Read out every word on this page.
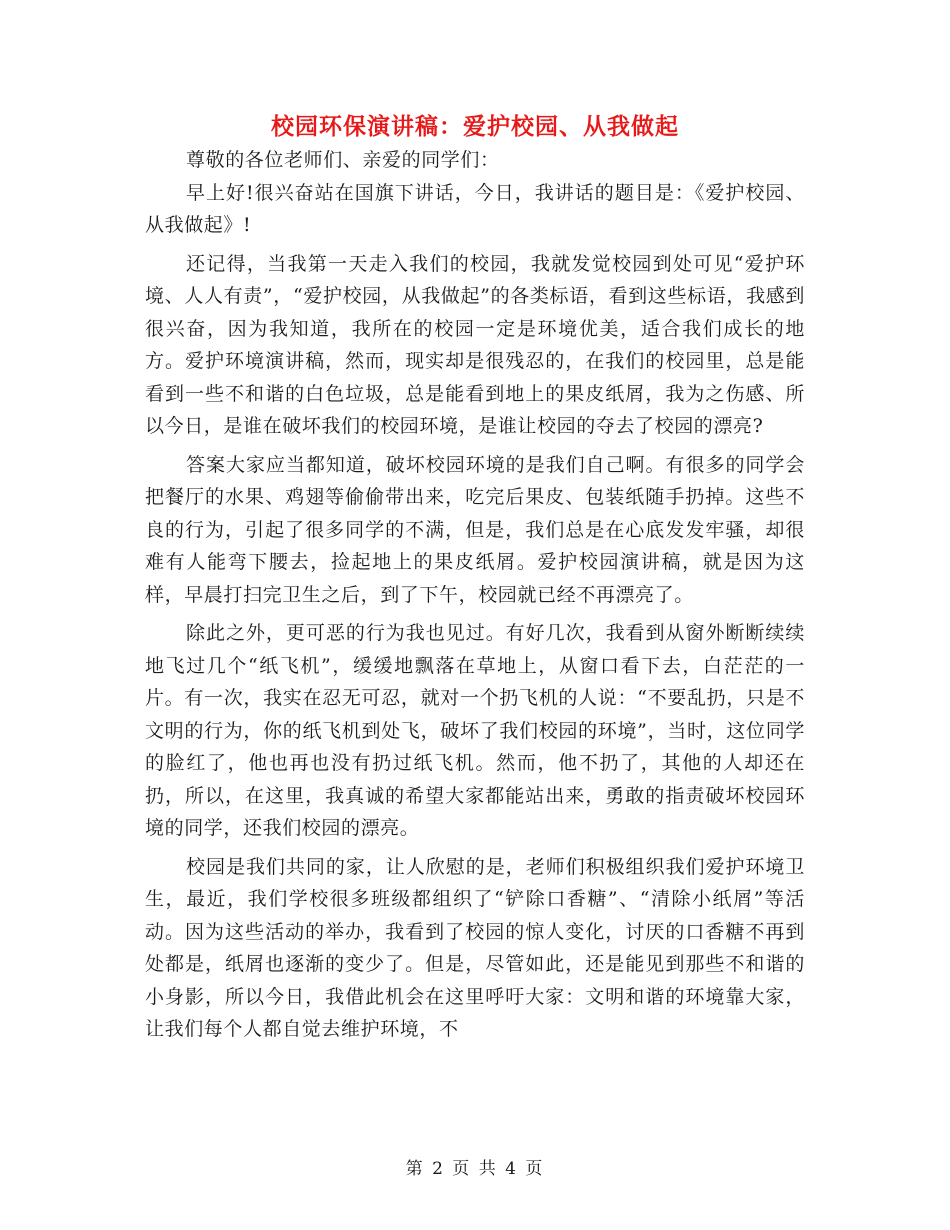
校园环保演讲稿：爱护校园、从我做起

尊敬的各位老师们、亲爱的同学们：

早上好!很兴奋站在国旗下讲话，今日，我讲话的题目是：《爱护校园、从我做起》!

还记得，当我第一天走入我们的校园，我就发觉校园到处可见“爱护环境、人人有责”，“爱护校园，从我做起”的各类标语，看到这些标语，我感到很兴奋，因为我知道，我所在的校园一定是环境优美，适合我们成长的地方。爱护环境演讲稿，然而，现实却是很残忍的，在我们的校园里，总是能看到一些不和谐的白色垃圾，总是能看到地上的果皮纸屑，我为之伤感、所以今日，是谁在破坏我们的校园环境，是谁让校园的夺去了校园的漂亮?

答案大家应当都知道，破坏校园环境的是我们自己啊。有很多的同学会把餐厅的水果、鸡翅等偷偷带出来，吃完后果皮、包装纸随手扔掉。这些不良的行为，引起了很多同学的不满，但是，我们总是在心底发发牢骚，却很难有人能弯下腰去，捡起地上的果皮纸屑。爱护校园演讲稿，就是因为这样，早晨打扫完卫生之后，到了下午，校园就已经不再漂亮了。

除此之外，更可恶的行为我也见过。有好几次，我看到从窗外断断续续地飞过几个“纸飞机”，缓缓地飘落在草地上，从窗口看下去，白茫茫的一片。有一次，我实在忍无可忍，就对一个扔飞机的人说：“不要乱扔，只是不文明的行为，你的纸飞机到处飞，破坏了我们校园的环境”，当时，这位同学的脸红了，他也再也没有扔过纸飞机。然而，他不扔了，其他的人却还在扔，所以，在这里，我真诚的希望大家都能站出来，勇敢的指责破坏校园环境的同学，还我们校园的漂亮。

校园是我们共同的家，让人欣慰的是，老师们积极组织我们爱护环境卫生，最近，我们学校很多班级都组织了“铲除口香糖”、“清除小纸屑”等活动。因为这些活动的举办，我看到了校园的惊人变化，讨厌的口香糖不再到处都是，纸屑也逐渐的变少了。但是，尽管如此，还是能见到那些不和谐的小身影，所以今日，我借此机会在这里呼吁大家：文明和谐的环境靠大家，让我们每个人都自觉去维护环境，不

第 2 页 共 4 页
